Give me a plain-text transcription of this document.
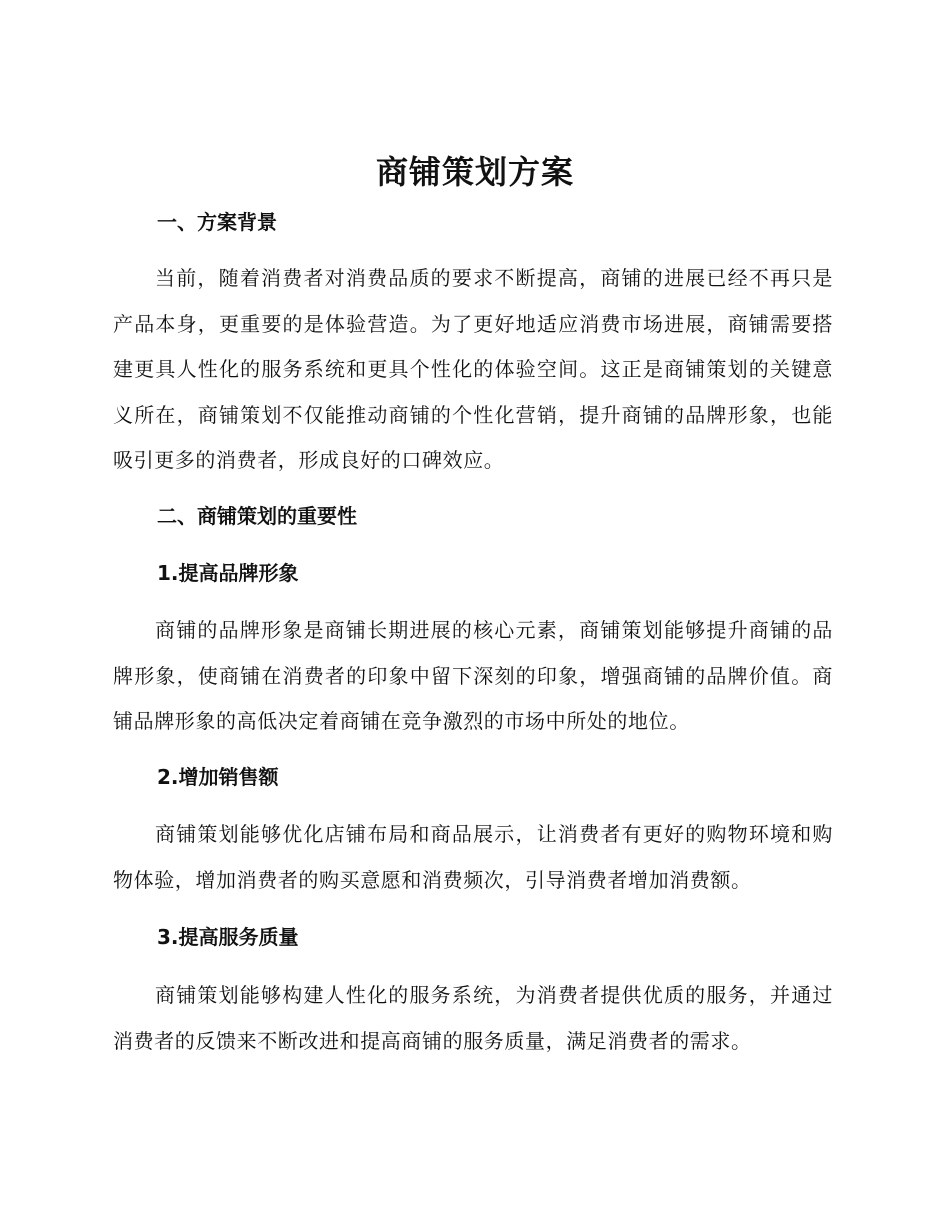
商铺策划方案
一、方案背景

当前，随着消费者对消费品质的要求不断提高，商铺的进展已经不再只是产品本身，更重要的是体验营造。为了更好地适应消费市场进展，商铺需要搭建更具人性化的服务系统和更具个性化的体验空间。这正是商铺策划的关键意义所在，商铺策划不仅能推动商铺的个性化营销，提升商铺的品牌形象，也能吸引更多的消费者，形成良好的口碑效应。

二、商铺策划的重要性
1.提高品牌形象

商铺的品牌形象是商铺长期进展的核心元素，商铺策划能够提升商铺的品牌形象，使商铺在消费者的印象中留下深刻的印象，增强商铺的品牌价值。商铺品牌形象的高低决定着商铺在竞争激烈的市场中所处的地位。

2.增加销售额

商铺策划能够优化店铺布局和商品展示，让消费者有更好的购物环境和购物体验，增加消费者的购买意愿和消费频次，引导消费者增加消费额。

3.提高服务质量

商铺策划能够构建人性化的服务系统，为消费者提供优质的服务，并通过消费者的反馈来不断改进和提高商铺的服务质量，满足消费者的需求。
